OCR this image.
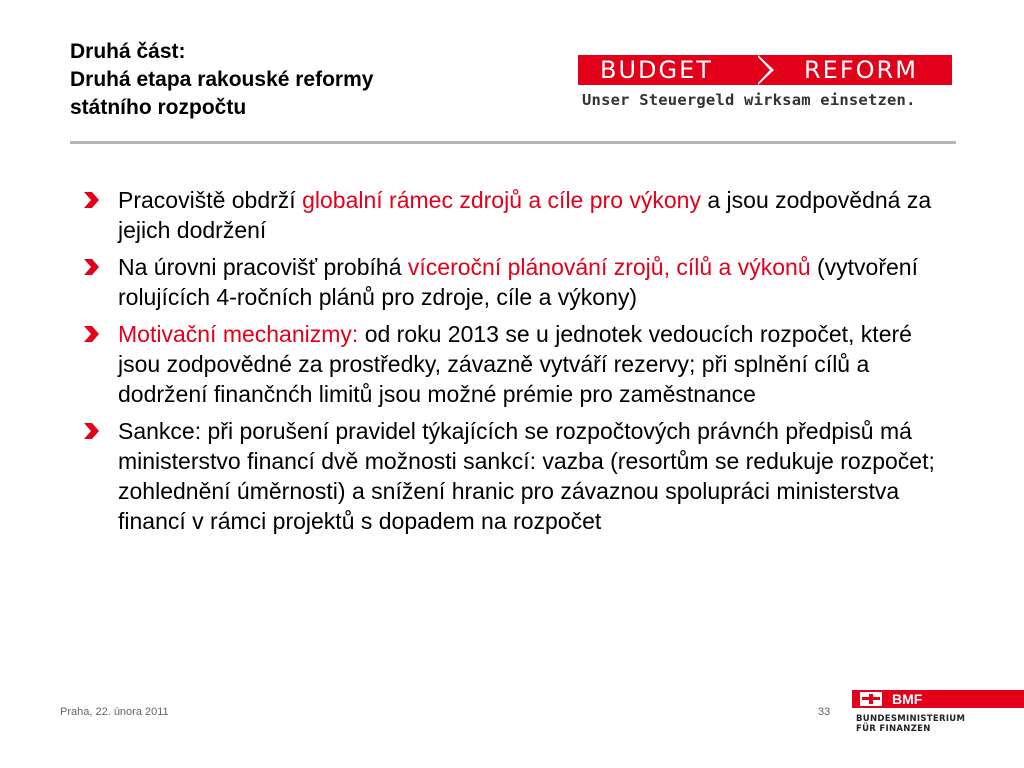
Druhá část:
Druhá etapa rakouské reformy
státního rozpočtu
BUDGET	REFORM
Unser Steuergeld wirksam einsetzen.
Pracoviště obdrží globalní rámec zdrojů a cíle pro výkony a jsou zodpovědná za jejich dodržení
Na úrovni pracovišť probíhá víceroční plánování zrojů, cílů a výkonů (vytvoření rolujících 4-ročních plánů pro zdroje, cíle a výkony)
Motivační mechanizmy: od roku 2013 se u jednotek vedoucích rozpočet, které jsou zodpovědné za prostředky, závazně vytváří rezervy; při splnění cílů a dodržení finančnćh limitů jsou možné prémie pro zaměstnance
Sankce: při porušení pravidel týkajících se rozpočtových právnćh předpisů má ministerstvo financí dvě možnosti sankcí: vazba (resortům se redukuje rozpočet; zohlednění úměrnosti) a snížení hranic pro závaznou spolupráci ministerstva financí v rámci projektů s dopadem na rozpočet
Praha, 22. února 2011	33
BMF
BUNDESMINISTERIUM
FÜR FINANZEN
